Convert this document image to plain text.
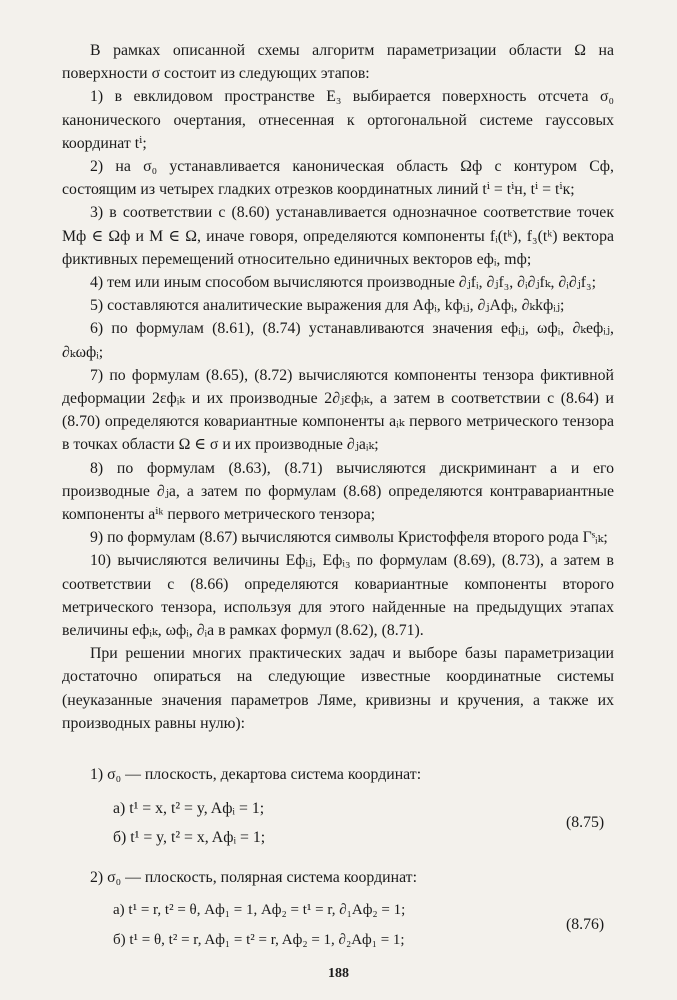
В рамках описанной схемы алгоритм параметризации области Ω на поверхности σ состоит из следующих этапов:

1) в евклидовом пространстве E₃ выбирается поверхность отсчета σ₀ канонического очертания, отнесенная к ортогональной системе гауссовых координат tⁱ;

2) на σ₀ устанавливается каноническая область Ωф с контуром Cф, состоящим из четырех гладких отрезков координатных линий tⁱ = tⁱн, tⁱ = tⁱк;

3) в соответствии с (8.60) устанавливается однозначное соответствие точек Mф ∈ Ωф и M ∈ Ω, иначе говоря, определяются компоненты fᵢ(tᵏ), f₃(tᵏ) вектора фиктивных перемещений относительно единичных векторов eфᵢ, mф;

4) тем или иным способом вычисляются производные ∂ⱼfᵢ, ∂ⱼf₃, ∂ᵢ∂ⱼfₖ, ∂ᵢ∂ⱼf₃;

5) составляются аналитические выражения для Aфᵢ, kфᵢⱼ, ∂ⱼAфᵢ, ∂ₖkфᵢⱼ;

6) по формулам (8.61), (8.74) устанавливаются значения eфᵢⱼ, ωфᵢ, ∂ₖeфᵢⱼ, ∂ₖωфᵢ;

7) по формулам (8.65), (8.72) вычисляются компоненты тензора фиктивной деформации 2εфᵢₖ и их производные 2∂ⱼεфᵢₖ, а затем в соответствии с (8.64) и (8.70) определяются ковариантные компоненты aᵢₖ первого метрического тензора в точках области Ω ∈ σ и их производные ∂ⱼaᵢₖ;

8) по формулам (8.63), (8.71) вычисляются дискриминант a и его производные ∂ⱼa, а затем по формулам (8.68) определяются контравариантные компоненты aⁱᵏ первого метрического тензора;

9) по формулам (8.67) вычисляются символы Кристоффеля второго рода Γˢᵢₖ;

10) вычисляются величины Eфᵢⱼ, Eфᵢ₃ по формулам (8.69), (8.73), а затем в соответствии с (8.66) определяются ковариантные компоненты второго метрического тензора, используя для этого найденные на предыдущих этапах величины eфᵢₖ, ωфᵢ, ∂ᵢa в рамках формул (8.62), (8.71).

При решении многих практических задач и выборе базы параметризации достаточно опираться на следующие известные координатные системы (неуказанные значения параметров Ляме, кривизны и кручения, а также их производных равны нулю):

1) σ₀ — плоскость, декартова система координат:
а) t¹ = x, t² = y, Aфᵢ = 1;
б) t¹ = y, t² = x, Aфᵢ = 1;
(8.75)
2) σ₀ — плоскость, полярная система координат:
а) t¹ = r, t² = θ, Aф₁ = 1, Aф₂ = t¹ = r, ∂₁Aф₂ = 1;
б) t¹ = θ, t² = r, Aф₁ = t² = r, Aф₂ = 1, ∂₂Aф₁ = 1;
(8.76)
188
